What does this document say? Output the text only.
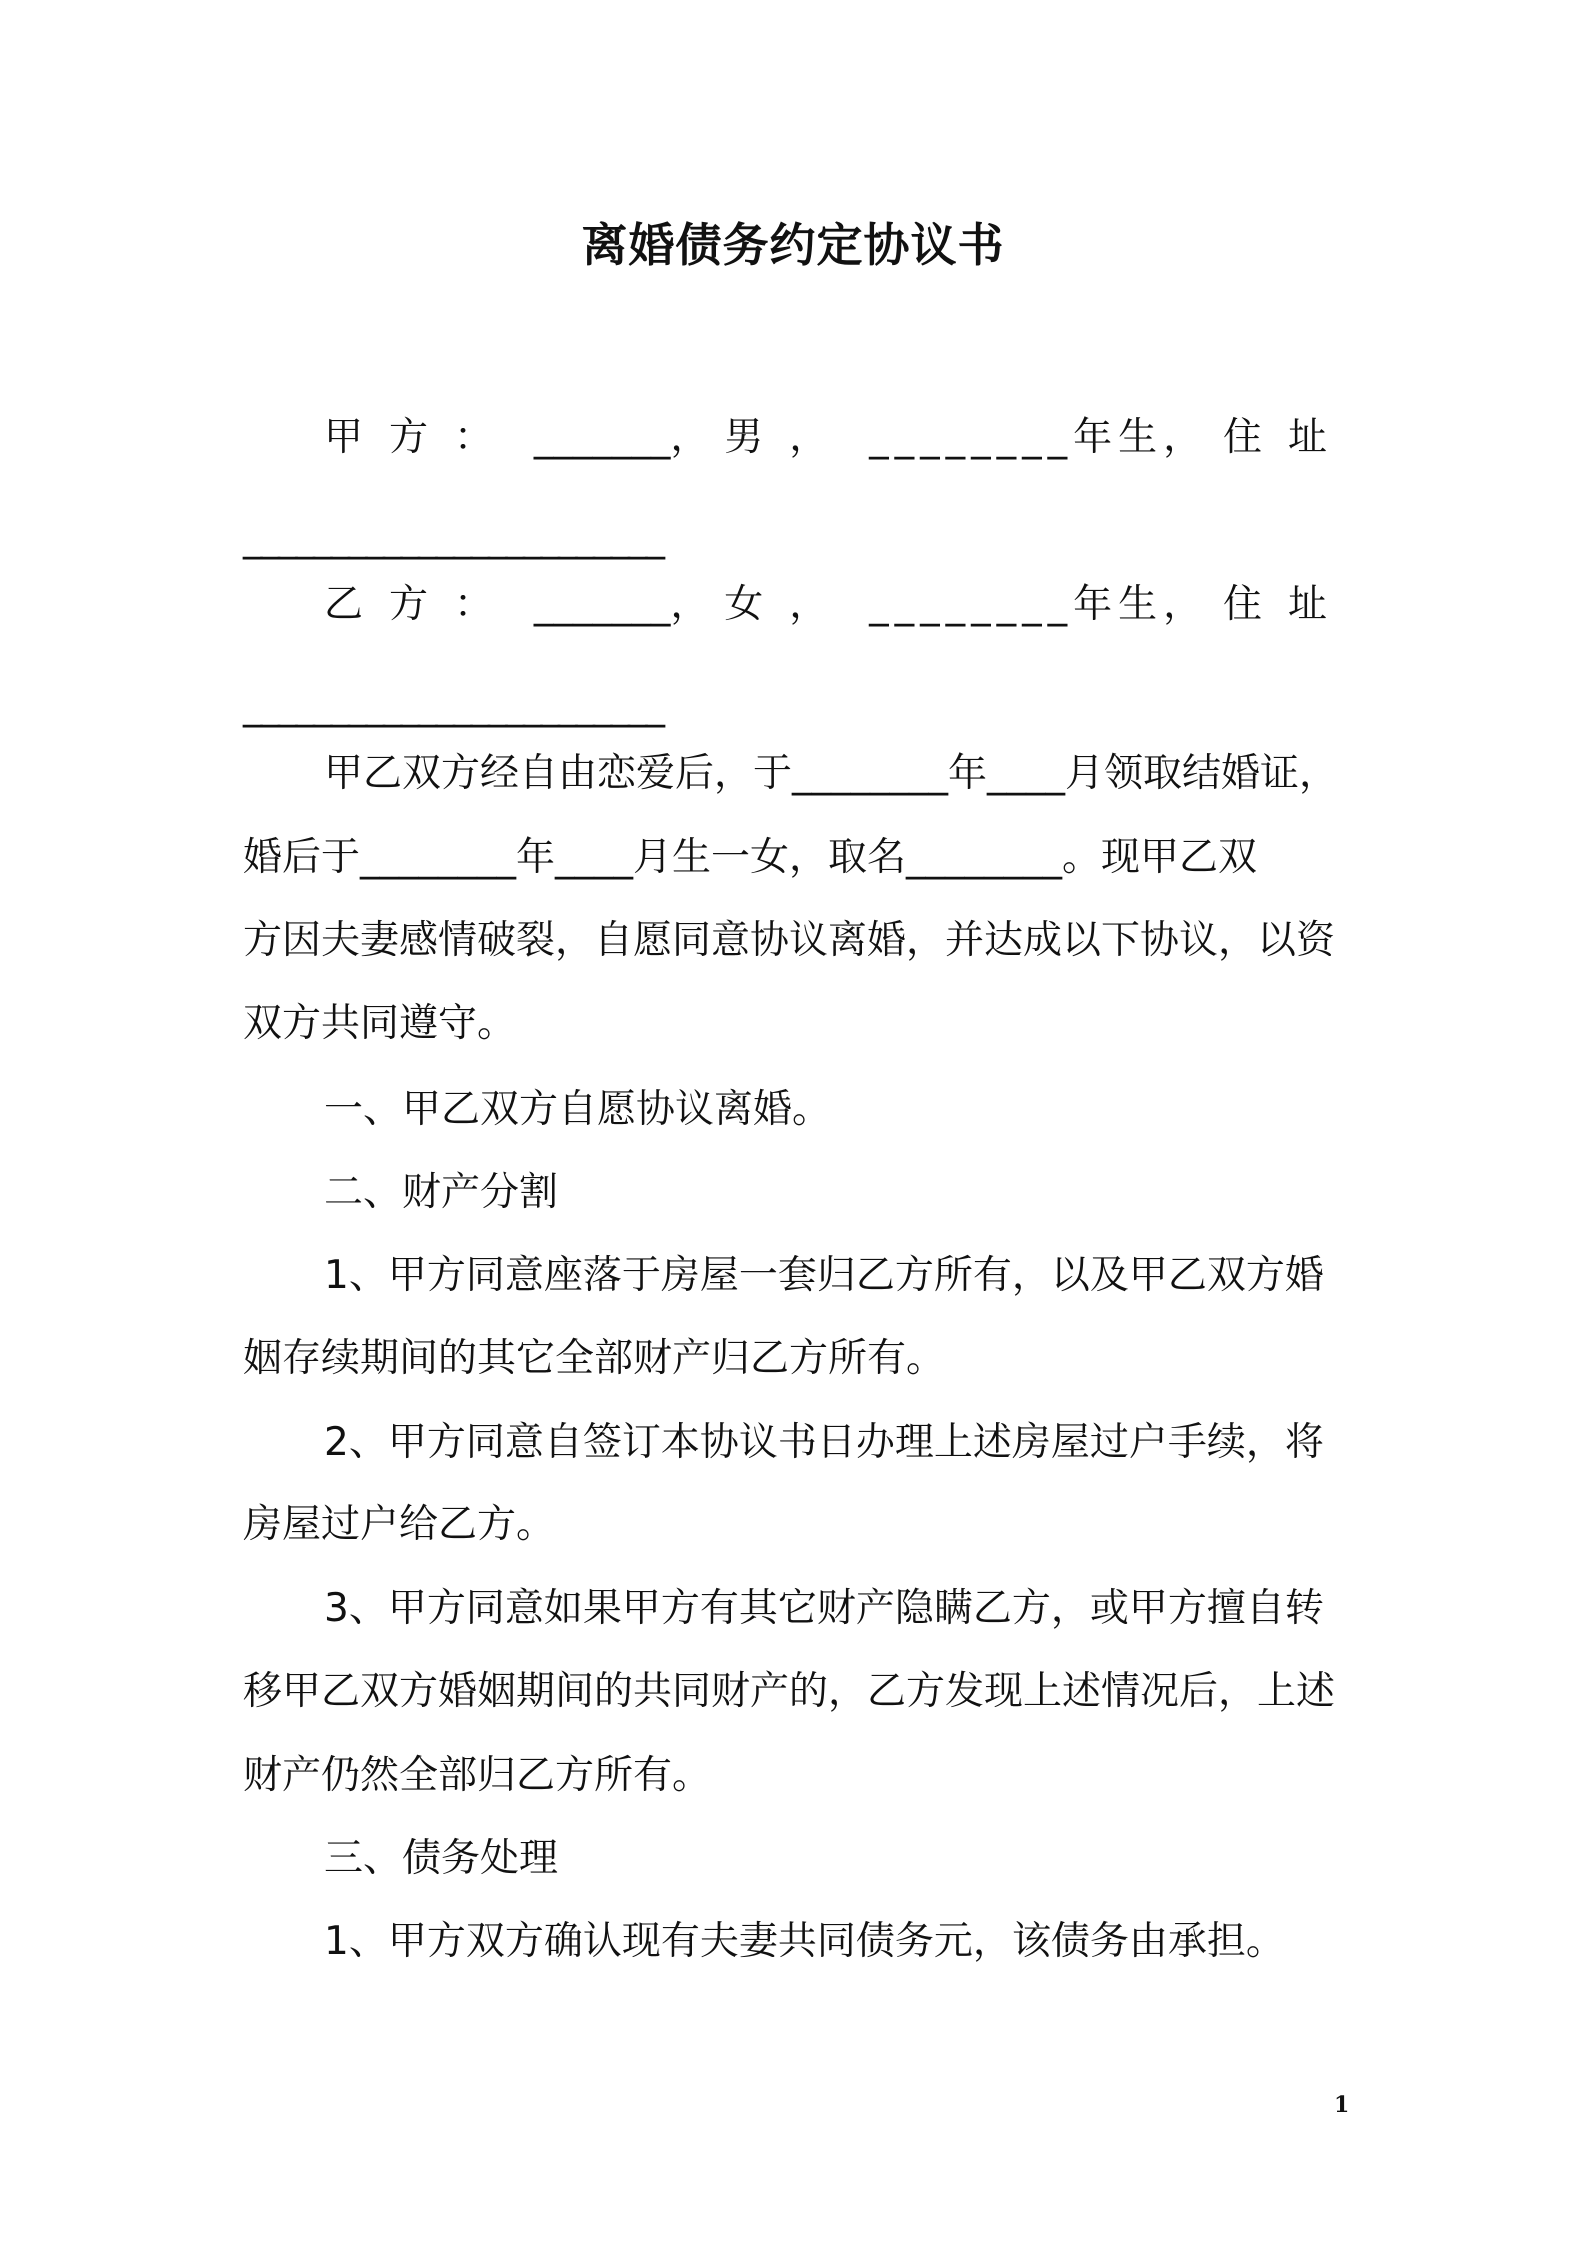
离婚债务约定协议书
甲方： _______， 男， ________年生， 住址
________________________
乙方： _______， 女， ________年生， 住址
________________________
甲乙双方经自由恋爱后，于________年____月领取结婚证，
婚后于________年____月生一女，取名________。现甲乙双
方因夫妻感情破裂，自愿同意协议离婚，并达成以下协议，以资
双方共同遵守。
一、甲乙双方自愿协议离婚。
二、财产分割
1、甲方同意座落于房屋一套归乙方所有，以及甲乙双方婚
姻存续期间的其它全部财产归乙方所有。
2、甲方同意自签订本协议书日办理上述房屋过户手续，将
房屋过户给乙方。
3、甲方同意如果甲方有其它财产隐瞒乙方，或甲方擅自转
移甲乙双方婚姻期间的共同财产的，乙方发现上述情况后，上述
财产仍然全部归乙方所有。
三、债务处理
1、甲方双方确认现有夫妻共同债务元，该债务由承担。
1
